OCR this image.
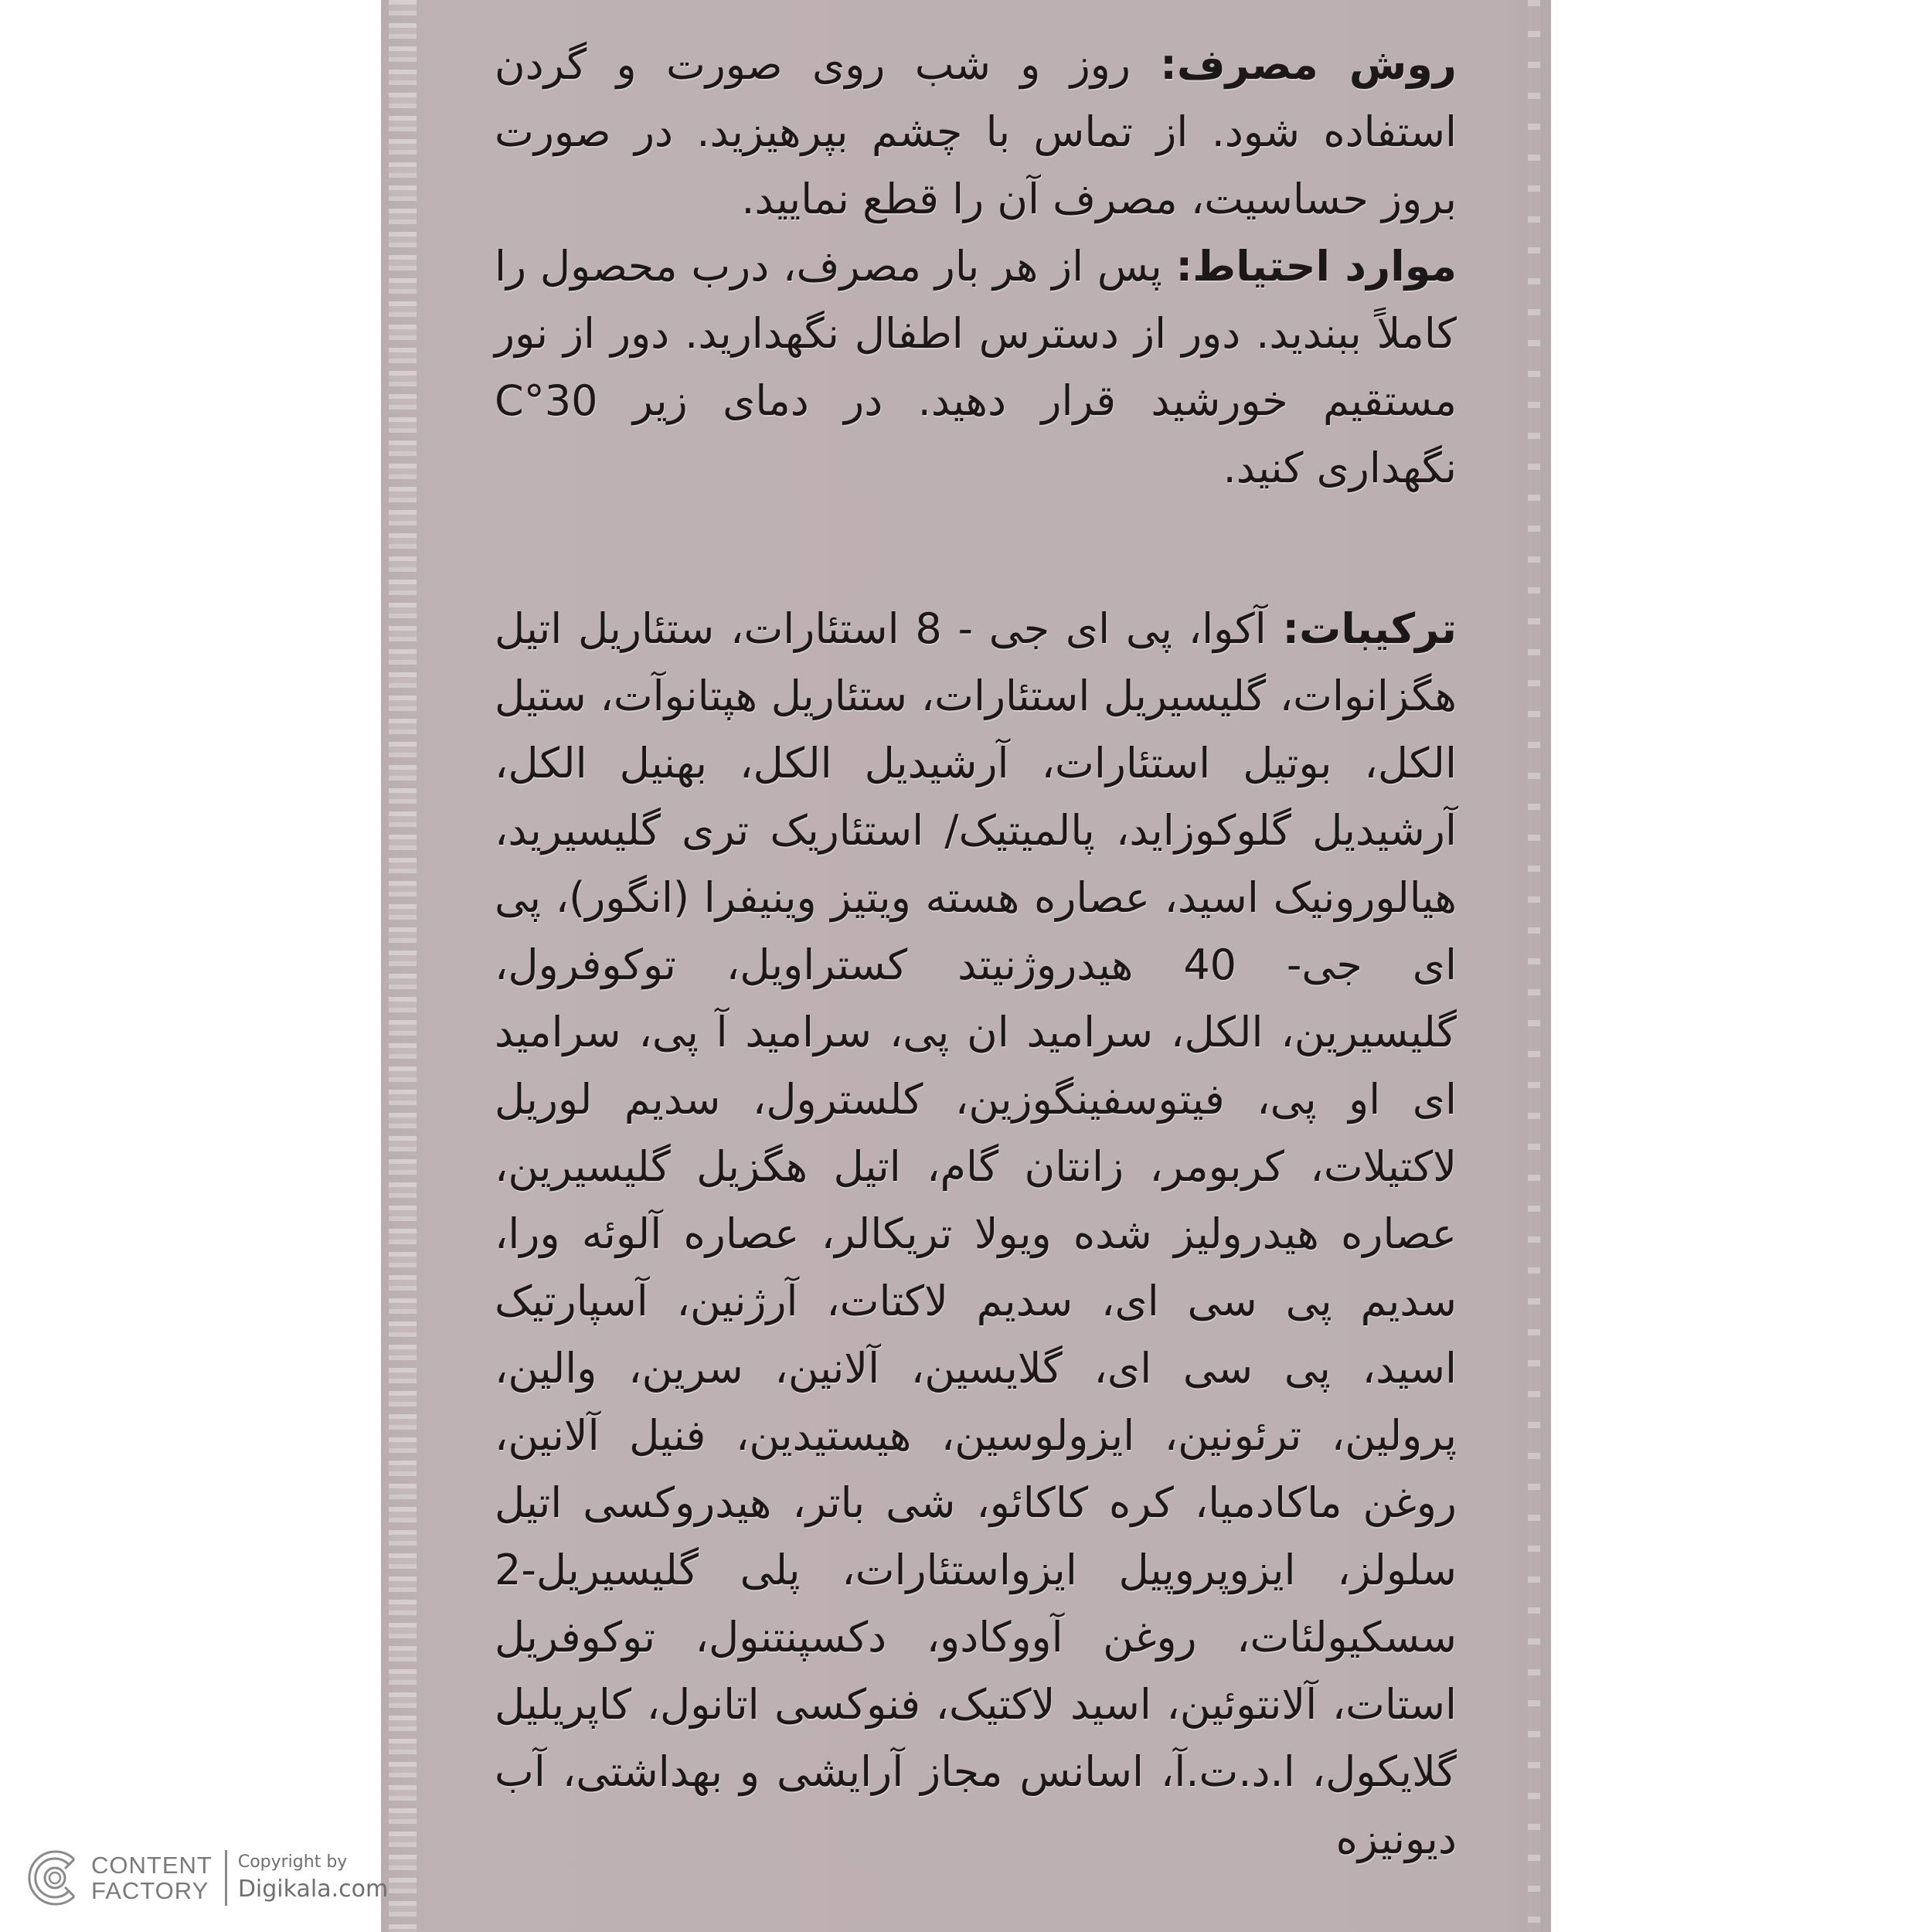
روش مصرف: روز و شب روی صورت و گردن استفاده شود. از تماس با چشم بپرهیزید. در صورت بروز حساسیت، مصرف آن را قطع نمایید.

موارد احتیاط: پس از هر بار مصرف، درب محصول را کاملاً ببندید. دور از دسترس اطفال نگهدارید. دور از نور مستقیم خورشید قرار دهید. در دمای زیر 30°C نگهداری کنید.

ترکیبات: آکوا، پی ای جی - 8 استئارات، ستئاریل اتیل هگزانوات، گلیسیریل استئارات، ستئاریل هپتانوآت، ستیل الکل، بوتیل استئارات، آرشیدیل الکل، بهنیل الکل، آرشیدیل گلوکوزاید، پالمیتیک/ استئاریک تری گلیسیرید، هیالورونیک اسید، عصاره هسته ویتیز وینیفرا (انگور)، پی ای جی- 40 هیدروژنیتد کستراویل، توکوفرول، گلیسیرین، الکل، سرامید ان پی، سرامید آ پی، سرامید ای او پی، فیتوسفینگوزین، کلسترول، سدیم لوریل لاکتیلات، کربومر، زانتان گام، اتیل هگزیل گلیسیرین، عصاره هیدرولیز شده ویولا تریکالر، عصاره آلوئه ورا، سدیم پی سی ای، سدیم لاکتات، آرژنین، آسپارتیک اسید، پی سی ای، گلایسین، آلانین، سرین، والین، پرولین، ترئونین، ایزولوسین، هیستیدین، فنیل آلانین، روغن ماکادمیا، کره کاکائو، شی باتر، هیدروکسی اتیل سلولز، ایزوپروپیل ایزواستئارات، پلی گلیسیریل-2 سسکیولئات، روغن آووکادو، دکسپنتنول، توکوفریل استات، آلانتوئین، اسید لاکتیک، فنوکسی اتانول، کاپریلیل گلایکول، ا.د.ت.آ، اسانس مجاز آرایشی و بهداشتی، آب دیونیزه

CONTENT
FACTORY
Copyright by
Digikala.com
